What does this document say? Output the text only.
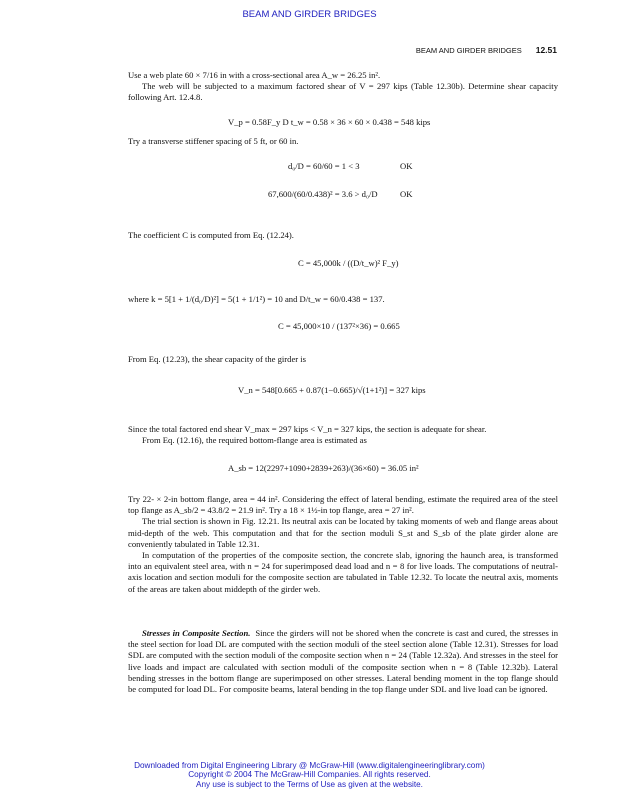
BEAM AND GIRDER BRIDGES
BEAM AND GIRDER BRIDGES 12.51

Use a web plate 60 × 7/16 in with a cross-sectional area A_w = 26.25 in².

The web will be subjected to a maximum factored shear of V = 297 kips (Table 12.30b). Determine shear capacity following Art. 12.4.8.

V_p = 0.58F_y D t_w = 0.58 × 36 × 60 × 0.438 = 548 kips

Try a transverse stiffener spacing of 5 ft, or 60 in.

d₀/D = 60/60 = 1 < 3	OK
67,600/(60/0.438)² = 3.6 > d₀/D	OK

The coefficient C is computed from Eq. (12.24).

C = 45,000k / ((D/t_w)² F_y)

where k = 5[1 + 1/(d₀/D)²] = 5(1 + 1/1²) = 10 and D/t_w = 60/0.438 = 137.

C = 45,000×10 / (137²×36) = 0.665

From Eq. (12.23), the shear capacity of the girder is

V_n = 548[0.665 + 0.87(1−0.665)/√(1+1²)] = 327 kips

Since the total factored end shear V_max = 297 kips < V_n = 327 kips, the section is adequate for shear.

From Eq. (12.16), the required bottom-flange area is estimated as

A_sb = 12(2297+1090+2839+263)/(36×60) = 36.05 in²

Try 22- × 2-in bottom flange, area = 44 in². Considering the effect of lateral bending, estimate the required area of the steel top flange as A_sb/2 = 43.8/2 = 21.9 in². Try a 18 × 1½-in top flange, area = 27 in².

The trial section is shown in Fig. 12.21. Its neutral axis can be located by taking moments of web and flange areas about mid-depth of the web. This computation and that for the section moduli S_st and S_sb of the plate girder alone are conveniently tabulated in Table 12.31.

In computation of the properties of the composite section, the concrete slab, ignoring the haunch area, is transformed into an equivalent steel area, with n = 24 for superimposed dead load and n = 8 for live loads. The computations of neutral-axis location and section moduli for the composite section are tabulated in Table 12.32. To locate the neutral axis, moments of the areas are taken about middepth of the girder web.

Stresses in Composite Section. Since the girders will not be shored when the concrete is cast and cured, the stresses in the steel section for load DL are computed with the section moduli of the steel section alone (Table 12.31). Stresses for load SDL are computed with the section moduli of the composite section when n = 24 (Table 12.32a). And stresses in the steel for live loads and impact are calculated with section moduli of the composite section when n = 8 (Table 12.32b). Lateral bending stresses in the bottom flange are superimposed on other stresses. Lateral bending moment in the top flange should be computed for load DL. For composite beams, lateral bending in the top flange under SDL and live load can be ignored.

Downloaded from Digital Engineering Library @ McGraw-Hill (www.digitalengineeringlibrary.com)
Copyright © 2004 The McGraw-Hill Companies. All rights reserved.
Any use is subject to the Terms of Use as given at the website.
